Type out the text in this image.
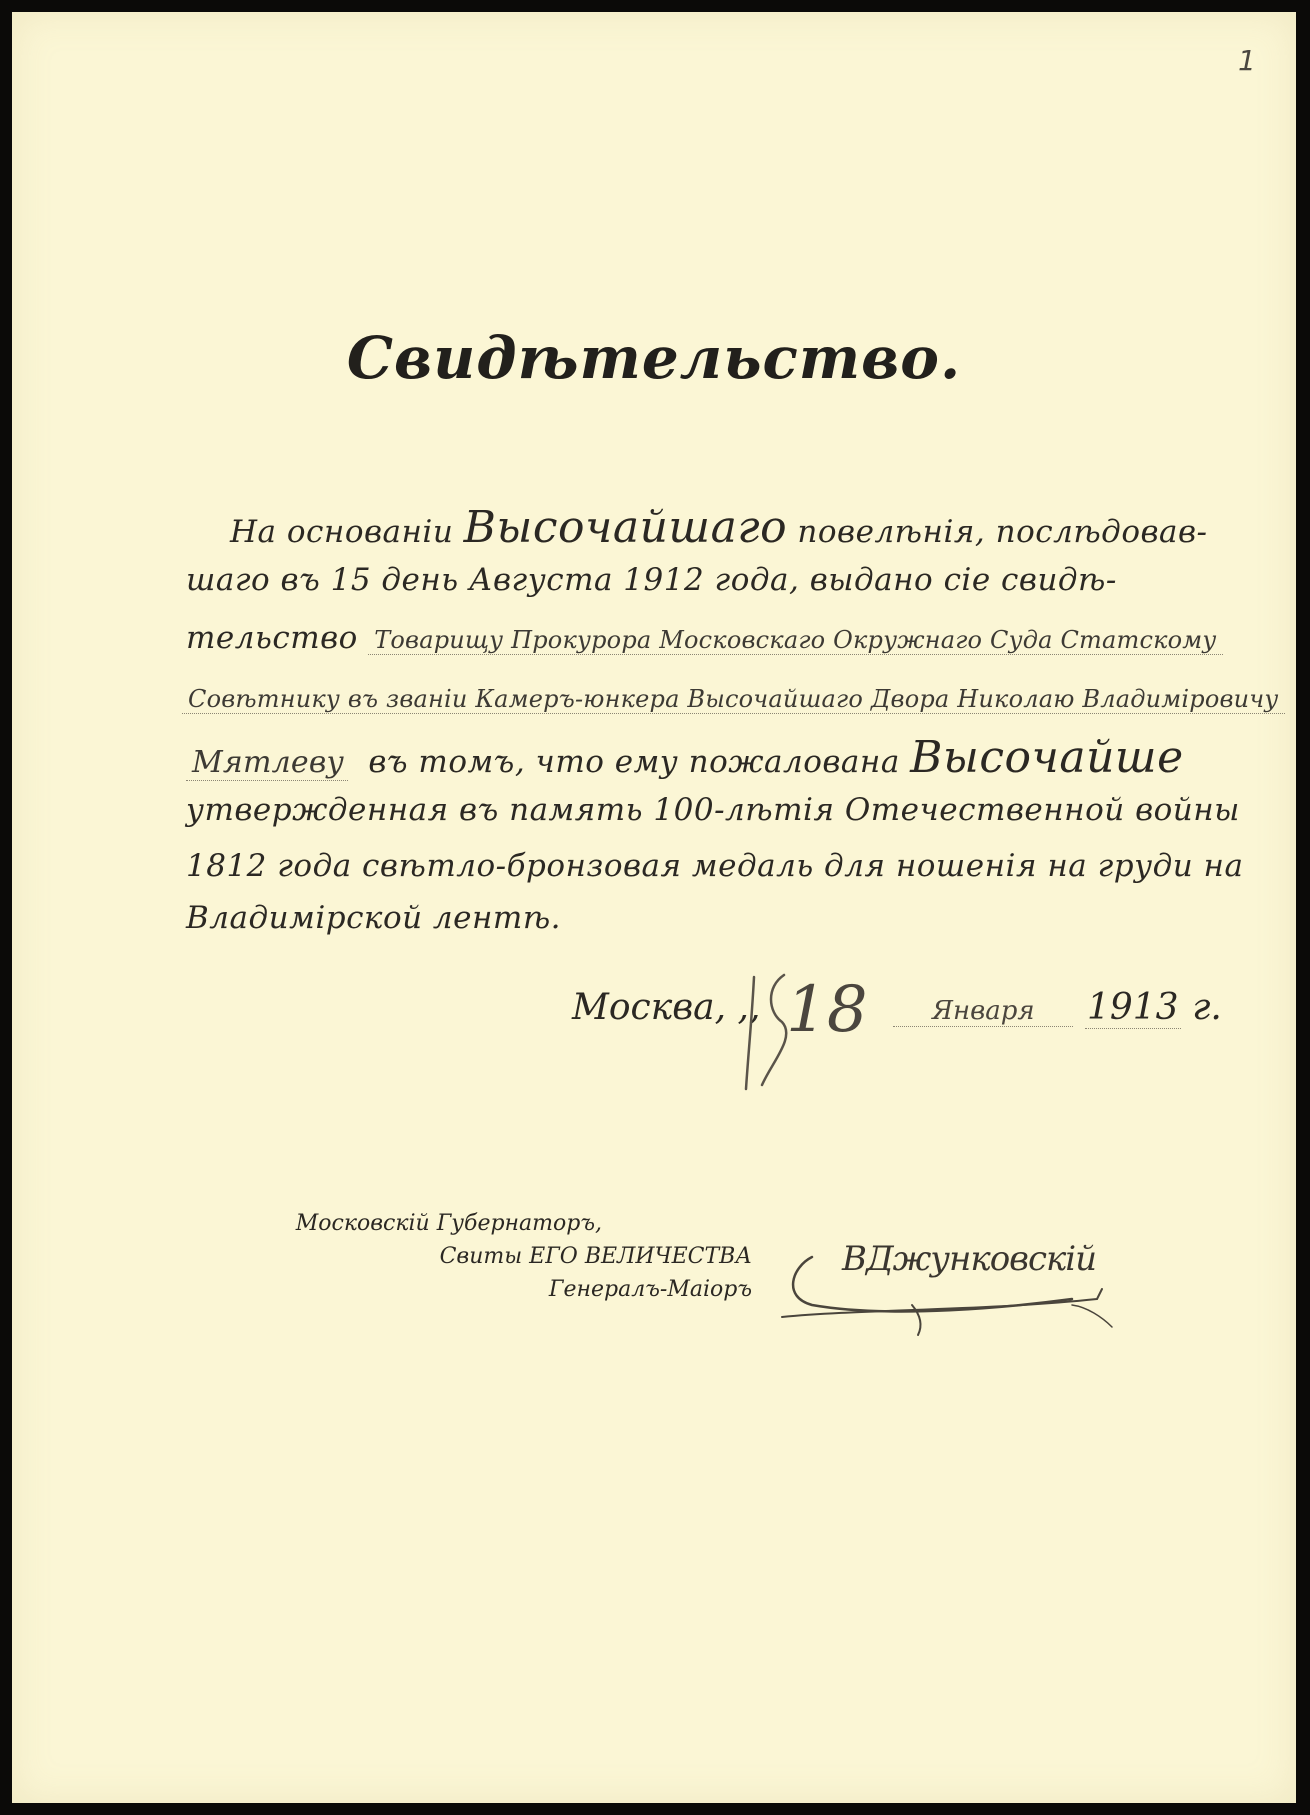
1
Свидѣтельство.
На основаніи Высочайшаго повелѣнія, послѣдовав-
шаго въ 15 день Августа 1912 года, выдано сіе свидѣ-
тельство Товарищу Прокурора Московскаго Окружнаго Суда Статскому
Совѣтнику въ званіи Камеръ-юнкера Высочайшаго Двора Николаю Владиміровичу
Мятлеву въ томъ, что ему пожалована Высочайше
утвержденная въ память 100-лѣтія Отечественной войны
1812 года свѣтло-бронзовая медаль для ношенія на груди на
Владимірской лентѣ.
Москва, ,, 18 Января 1913 г.
Московскій Губернаторъ,
Свиты ЕГО ВЕЛИЧЕСТВА
Генералъ-Маіоръ
ВДжунковскій
